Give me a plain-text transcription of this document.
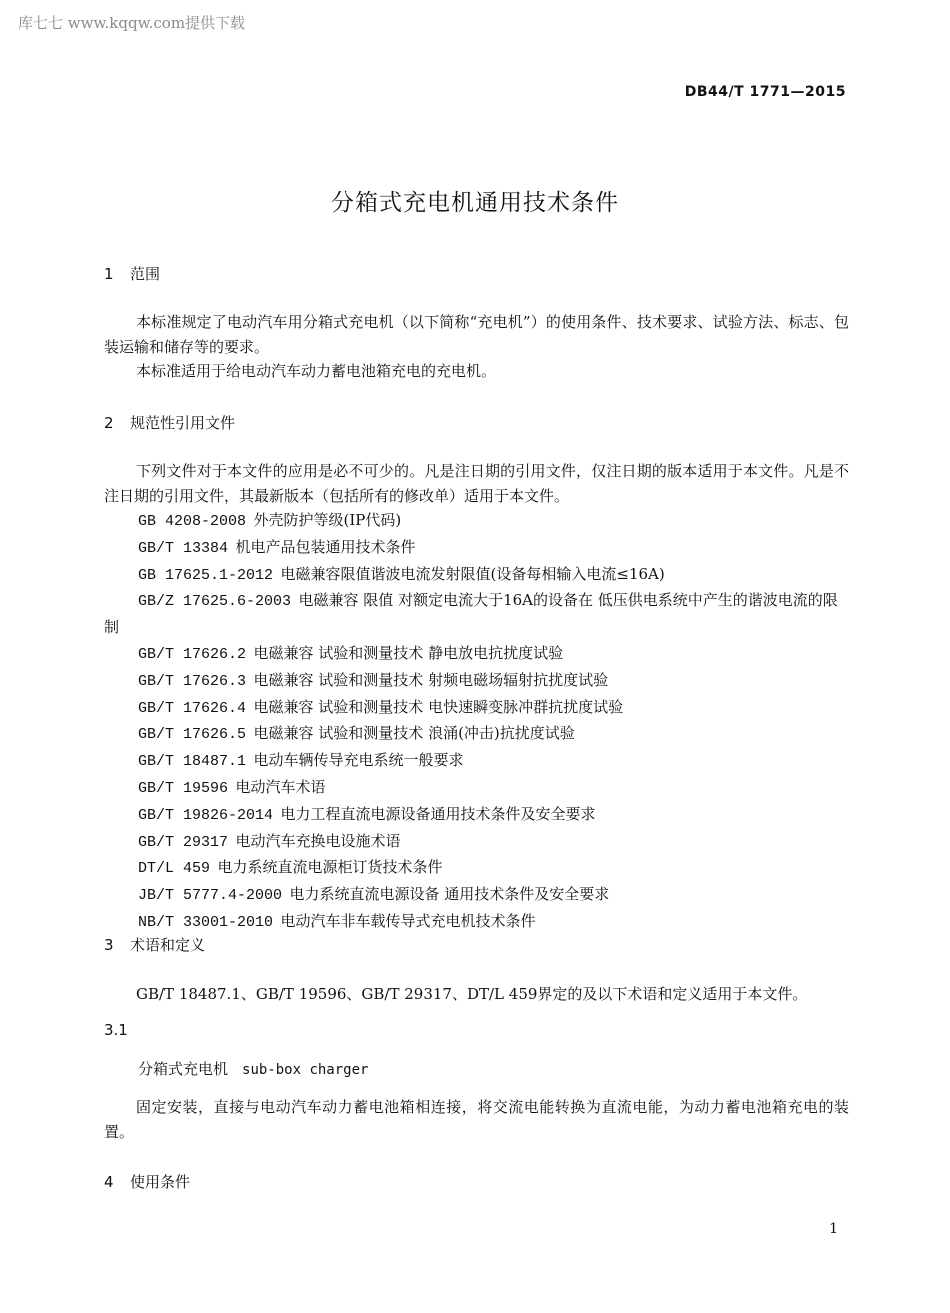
库七七 www.kqqw.com提供下载
DB44/T 1771—2015
分箱式充电机通用技术条件
1 范围

本标准规定了电动汽车用分箱式充电机（以下简称“充电机”）的使用条件、技术要求、试验方法、标志、包装运输和储存等的要求。

本标准适用于给电动汽车动力蓄电池箱充电的充电机。

2 规范性引用文件

下列文件对于本文件的应用是必不可少的。凡是注日期的引用文件，仅注日期的版本适用于本文件。凡是不注日期的引用文件，其最新版本（包括所有的修改单）适用于本文件。

GB 4208-2008 外壳防护等级(IP代码)
GB/T 13384 机电产品包装通用技术条件
GB 17625.1-2012 电磁兼容限值谐波电流发射限值(设备每相输入电流≤16A)
GB/Z 17625.6-2003 电磁兼容 限值 对额定电流大于16A的设备在 低压供电系统中产生的谐波电流的限制
GB/T 17626.2 电磁兼容 试验和测量技术 静电放电抗扰度试验
GB/T 17626.3 电磁兼容 试验和测量技术 射频电磁场辐射抗扰度试验
GB/T 17626.4 电磁兼容 试验和测量技术 电快速瞬变脉冲群抗扰度试验
GB/T 17626.5 电磁兼容 试验和测量技术 浪涌(冲击)抗扰度试验
GB/T 18487.1 电动车辆传导充电系统一般要求
GB/T 19596 电动汽车术语
GB/T 19826-2014 电力工程直流电源设备通用技术条件及安全要求
GB/T 29317 电动汽车充换电设施术语
DT/L 459 电力系统直流电源柜订货技术条件
JB/T 5777.4-2000 电力系统直流电源设备 通用技术条件及安全要求
NB/T 33001-2010 电动汽车非车载传导式充电机技术条件
3 术语和定义

GB/T 18487.1、GB/T 19596、GB/T 29317、DT/L 459界定的及以下术语和定义适用于本文件。

3.1
分箱式充电机 sub-box charger

固定安装，直接与电动汽车动力蓄电池箱相连接，将交流电能转换为直流电能，为动力蓄电池箱充电的装置。

4 使用条件
1
